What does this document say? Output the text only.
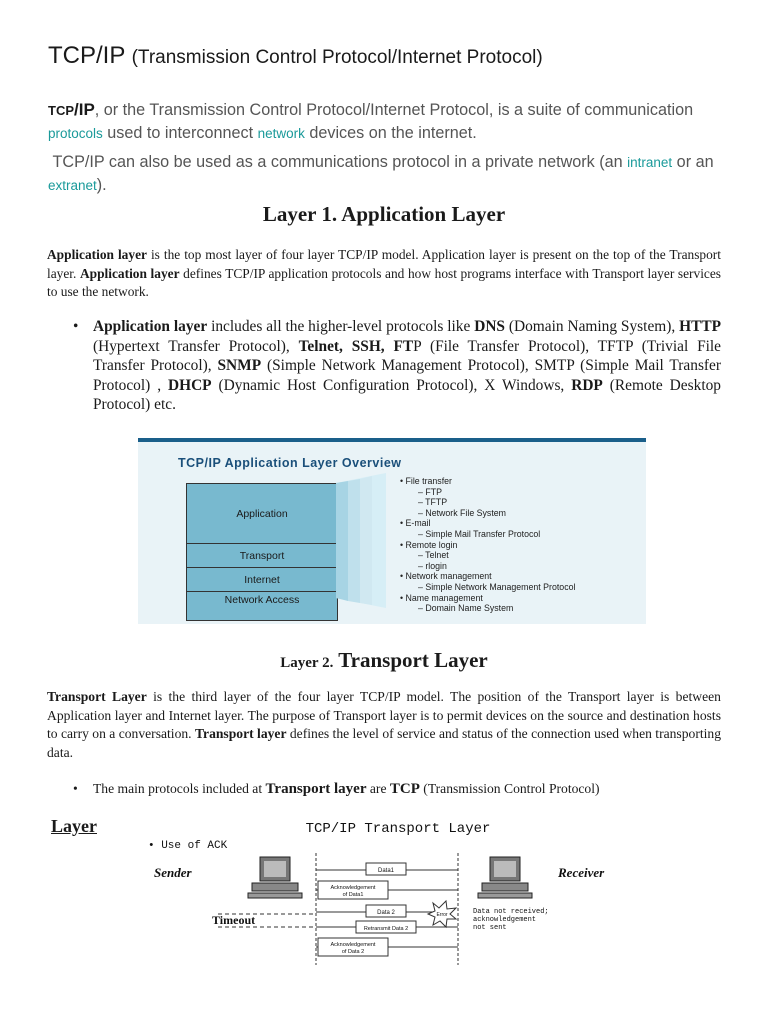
TCP/IP (Transmission Control Protocol/Internet Protocol)
TCP/IP, or the Transmission Control Protocol/Internet Protocol, is a suite of communication protocols used to interconnect network devices on the internet.
TCP/IP can also be used as a communications protocol in a private network (an intranet or an extranet).
Layer 1. Application Layer
Application layer is the top most layer of four layer TCP/IP model. Application layer is present on the top of the Transport layer. Application layer defines TCP/IP application protocols and how host programs interface with Transport layer services to use the network.
• Application layer includes all the higher-level protocols like DNS (Domain Naming System), HTTP (Hypertext Transfer Protocol), Telnet, SSH, FTP (File Transfer Protocol), TFTP (Trivial File Transfer Protocol), SNMP (Simple Network Management Protocol), SMTP (Simple Mail Transfer Protocol) , DHCP (Dynamic Host Configuration Protocol), X Windows, RDP (Remote Desktop Protocol) etc.
TCP/IP Application Layer Overview
Application
Transport
Internet
Network Access
• File transfer
– FTP
– TFTP
– Network File System
• E-mail
– Simple Mail Transfer Protocol
• Remote login
– Telnet
– rlogin
• Network management
– Simple Network Management Protocol
• Name management
– Domain Name System
Layer 2. Transport Layer
Transport Layer is the third layer of the four layer TCP/IP model. The position of the Transport layer is between Application layer and Internet layer. The purpose of Transport layer is to permit devices on the source and destination hosts to carry on a conversation. Transport layer defines the level of service and status of the connection used when transporting data.
• The main protocols included at Transport layer are TCP (Transmission Control Protocol)
Layer	TCP/IP Transport Layer
• Use of ACK
Sender	Receiver
Data1
Acknowledgement
of Data1
Data 2	Error	Data not received;
acknowledgement
not sent
Timeout
Retransmit Data 2
Acknowledgement
of Data 2
